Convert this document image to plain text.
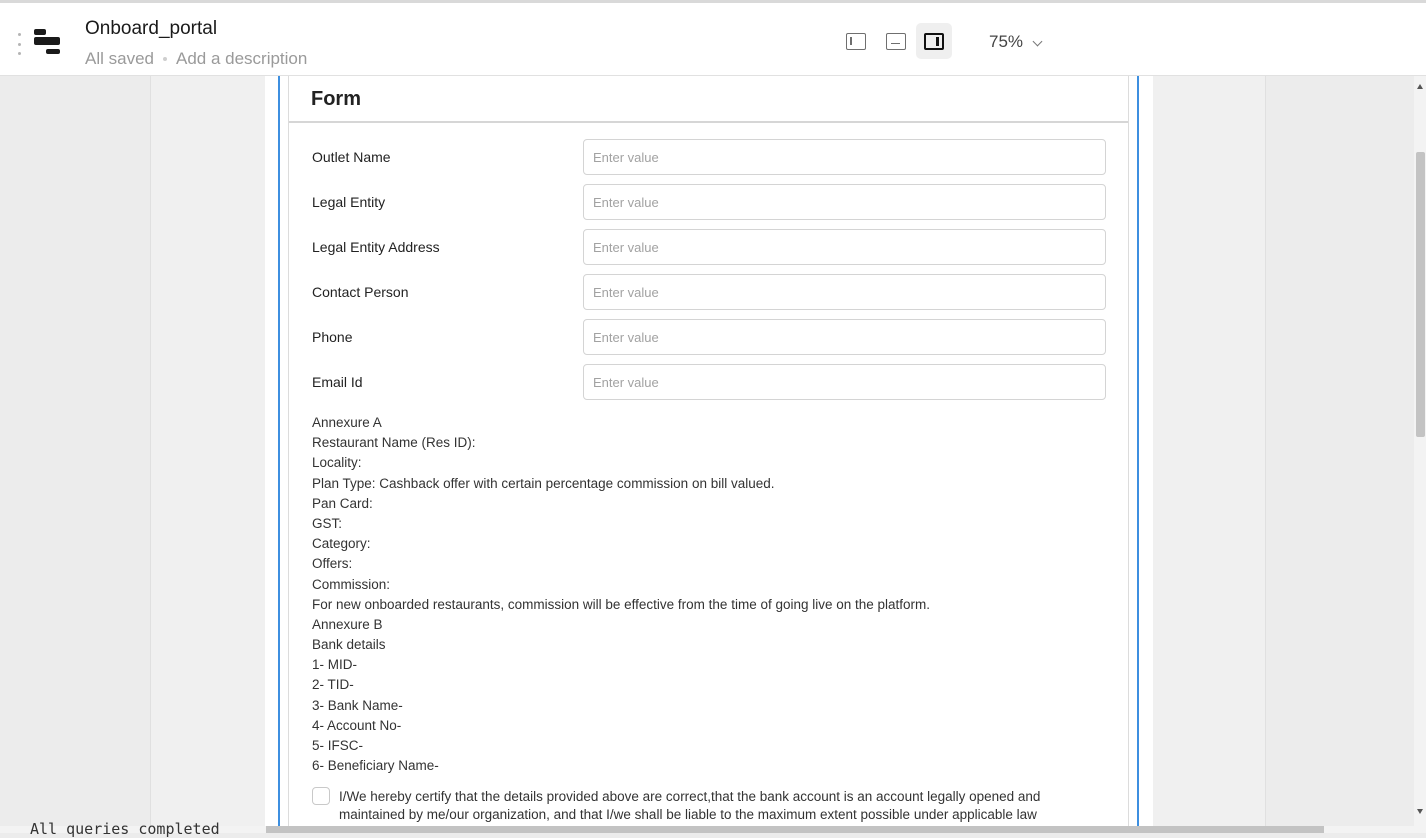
Onboard_portal
All saved Add a description
75%
Form
Outlet Name
Enter value
Legal Entity
Enter value
Legal Entity Address
Enter value
Contact Person
Enter value
Phone
Enter value
Email Id
Enter value
Annexure A
Restaurant Name (Res ID):
Locality:
Plan Type: Cashback offer with certain percentage commission on bill valued.
Pan Card:
GST:
Category:
Offers:
Commission:
For new onboarded restaurants, commission will be effective from the time of going live on the platform.
Annexure B
Bank details
1- MID-
2- TID-
3- Bank Name-
4- Account No-
5- IFSC-
6- Beneficiary Name-
I/We hereby certify that the details provided above are correct,that the bank account is an account legally opened and maintained by me/our organization, and that I/we shall be liable to the maximum extent possible under applicable law
All queries completed
